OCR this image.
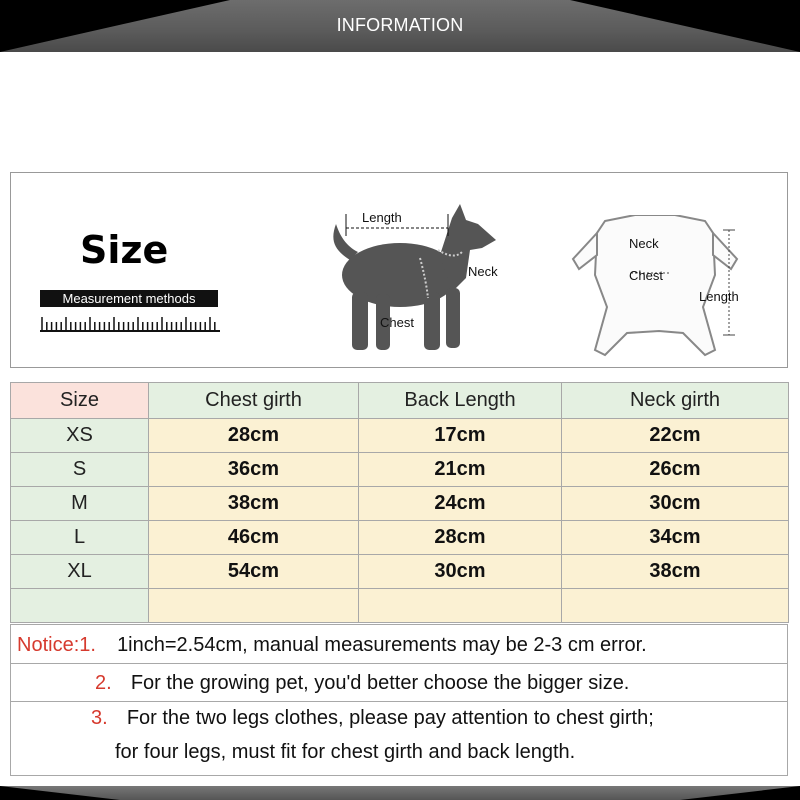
INFORMATION
Size
Measurement methods
Length
Neck
Chest
Neck
Chest
Length
Size	Chest girth	Back Length	Neck girth
XS	28cm	17cm	22cm
S	36cm	21cm	26cm
M	38cm	24cm	30cm
L	46cm	28cm	34cm
XL	54cm	30cm	38cm

Notice:1. 1inch=2.54cm, manual measurements may be 2-3 cm error.
2. For the growing pet, you'd better choose the bigger size.
3. For the two legs clothes, please pay attention to chest girth;
for four legs, must fit for chest girth and back length.
